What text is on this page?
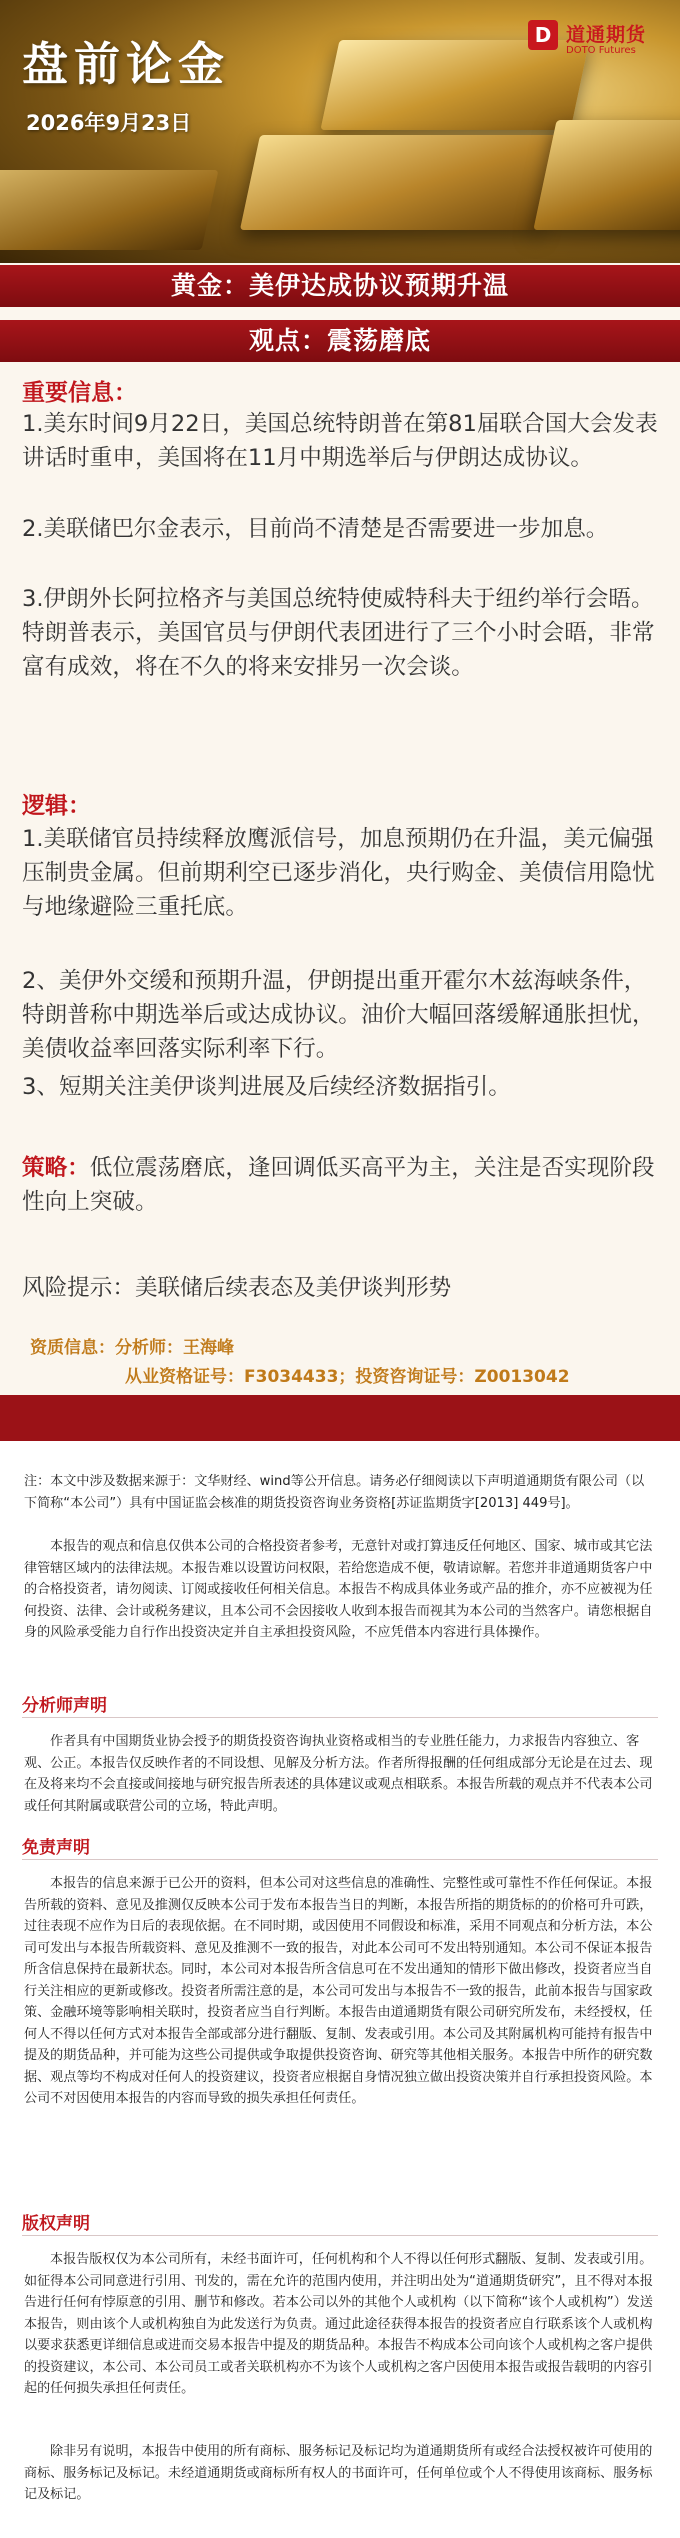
D 道通期货
DOTO Futures
盘前论金
2026年9月23日
黄金：美伊达成协议预期升温
观点：震荡磨底
重要信息：

1.美东时间9月22日，美国总统特朗普在第81届联合国大会发表讲话时重申，美国将在11月中期选举后与伊朗达成协议。

2.美联储巴尔金表示，目前尚不清楚是否需要进一步加息。

3.伊朗外长阿拉格齐与美国总统特使威特科夫于纽约举行会晤。特朗普表示，美国官员与伊朗代表团进行了三个小时会晤，非常富有成效，将在不久的将来安排另一次会谈。

逻辑：

1.美联储官员持续释放鹰派信号，加息预期仍在升温，美元偏强压制贵金属。但前期利空已逐步消化，央行购金、美债信用隐忧与地缘避险三重托底。

2、美伊外交缓和预期升温，伊朗提出重开霍尔木兹海峡条件，特朗普称中期选举后或达成协议。油价大幅回落缓解通胀担忧，美债收益率回落实际利率下行。

3、短期关注美伊谈判进展及后续经济数据指引。

策略：低位震荡磨底，逢回调低买高平为主，关注是否实现阶段性向上突破。
风险提示：美联储后续表态及美伊谈判形势
资质信息：分析师：王海峰
从业资格证号：F3034433；投资咨询证号：Z0013042

注：本文中涉及数据来源于：文华财经、wind等公开信息。请务必仔细阅读以下声明道通期货有限公司（以下简称“本公司”）具有中国证监会核准的期货投资咨询业务资格[苏证监期货字[2013] 449号]。

本报告的观点和信息仅供本公司的合格投资者参考，无意针对或打算违反任何地区、国家、城市或其它法律管辖区域内的法律法规。本报告难以设置访问权限，若给您造成不便，敬请谅解。若您并非道通期货客户中的合格投资者，请勿阅读、订阅或接收任何相关信息。本报告不构成具体业务或产品的推介，亦不应被视为任何投资、法律、会计或税务建议，且本公司不会因接收人收到本报告而视其为本公司的当然客户。请您根据自身的风险承受能力自行作出投资决定并自主承担投资风险，不应凭借本内容进行具体操作。

分析师声明

作者具有中国期货业协会授予的期货投资咨询执业资格或相当的专业胜任能力，力求报告内容独立、客观、公正。本报告仅反映作者的不同设想、见解及分析方法。作者所得报酬的任何组成部分无论是在过去、现在及将来均不会直接或间接地与研究报告所表述的具体建议或观点相联系。本报告所载的观点并不代表本公司或任何其附属或联营公司的立场，特此声明。

免责声明

本报告的信息来源于已公开的资料，但本公司对这些信息的准确性、完整性或可靠性不作任何保证。本报告所载的资料、意见及推测仅反映本公司于发布本报告当日的判断，本报告所指的期货标的的价格可升可跌，过往表现不应作为日后的表现依据。在不同时期，或因使用不同假设和标准，采用不同观点和分析方法，本公司可发出与本报告所载资料、意见及推测不一致的报告，对此本公司可不发出特别通知。本公司不保证本报告所含信息保持在最新状态。同时，本公司对本报告所含信息可在不发出通知的情形下做出修改，投资者应当自行关注相应的更新或修改。投资者所需注意的是，本公司可发出与本报告不一致的报告，此前本报告与国家政策、金融环境等影响相关联时，投资者应当自行判断。本报告由道通期货有限公司研究所发布，未经授权，任何人不得以任何方式对本报告全部或部分进行翻版、复制、发表或引用。本公司及其附属机构可能持有报告中提及的期货品种，并可能为这些公司提供或争取提供投资咨询、研究等其他相关服务。本报告中所作的研究数据、观点等均不构成对任何人的投资建议，投资者应根据自身情况独立做出投资决策并自行承担投资风险。本公司不对因使用本报告的内容而导致的损失承担任何责任。

版权声明

本报告版权仅为本公司所有，未经书面许可，任何机构和个人不得以任何形式翻版、复制、发表或引用。如征得本公司同意进行引用、刊发的，需在允许的范围内使用，并注明出处为“道通期货研究”，且不得对本报告进行任何有悖原意的引用、删节和修改。若本公司以外的其他个人或机构（以下简称“该个人或机构”）发送本报告，则由该个人或机构独自为此发送行为负责。通过此途径获得本报告的投资者应自行联系该个人或机构以要求获悉更详细信息或进而交易本报告中提及的期货品种。本报告不构成本公司向该个人或机构之客户提供的投资建议，本公司、本公司员工或者关联机构亦不为该个人或机构之客户因使用本报告或报告载明的内容引起的任何损失承担任何责任。

除非另有说明，本报告中使用的所有商标、服务标记及标记均为道通期货所有或经合法授权被许可使用的商标、服务标记及标记。未经道通期货或商标所有权人的书面许可，任何单位或个人不得使用该商标、服务标记及标记。
